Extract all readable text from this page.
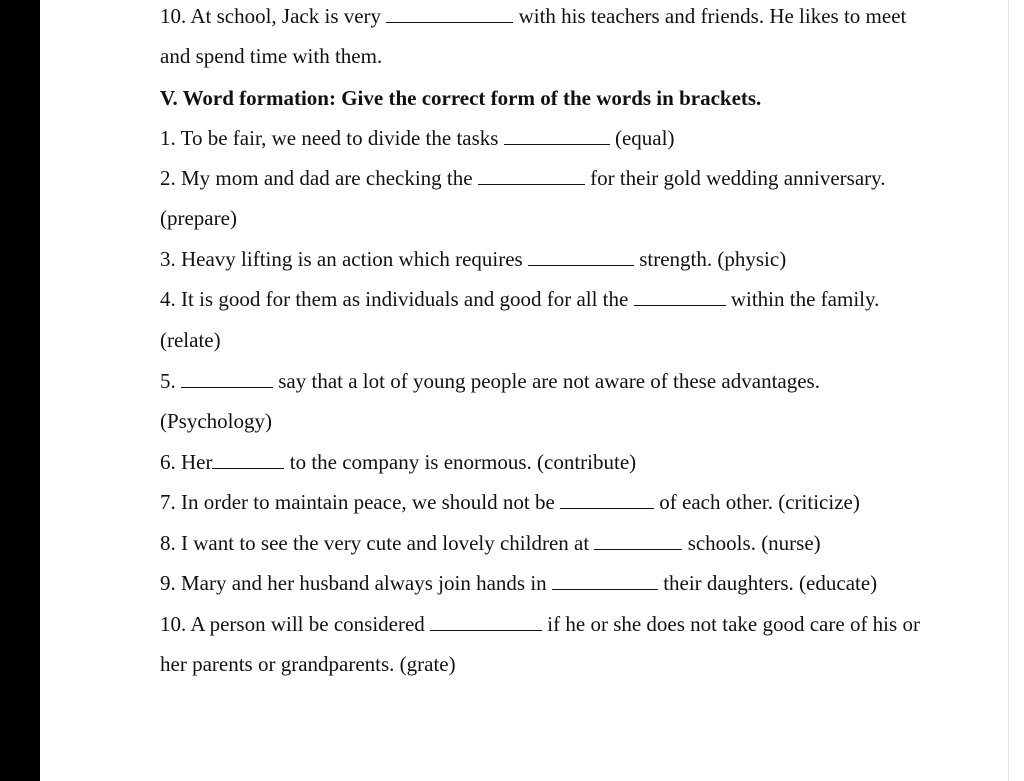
10. At school, Jack is very	with his teachers and friends. He likes to meet
and spend time with them.
V. Word formation: Give the correct form of the words in brackets.
1. To be fair, we need to divide the tasks	(equal)
2. My mom and dad are checking the	for their gold wedding anniversary.
(prepare)
3. Heavy lifting is an action which requires	strength. (physic)
4. It is good for them as individuals and good for all the	within the family.
(relate)
5.	say that a lot of young people are not aware of these advantages.
(Psychology)
6. Her	to the company is enormous. (contribute)
7. In order to maintain peace, we should not be	of each other. (criticize)
8. I want to see the very cute and lovely children at	schools. (nurse)
9. Mary and her husband always join hands in	their daughters. (educate)
10. A person will be considered	if he or she does not take good care of his or
her parents or grandparents. (grate)
